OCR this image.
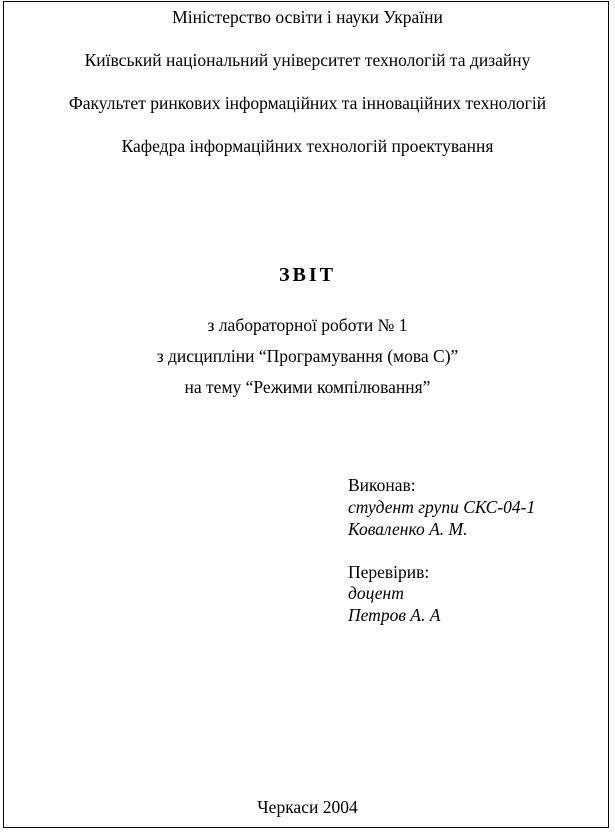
Міністерство освіти і науки України
Київський національний університет технологій та дизайну
Факультет ринкових інформаційних та інноваційних технологій
Кафедра інформаційних технологій проектування
ЗВІТ
з лабораторної роботи № 1
з дисципліни “Програмування (мова С)”
на тему “Режими компілювання”
Виконав:
студент групи СКС-04-1
Коваленко А. М.
Перевірив:
доцент
Петров А. А
Черкаси 2004
